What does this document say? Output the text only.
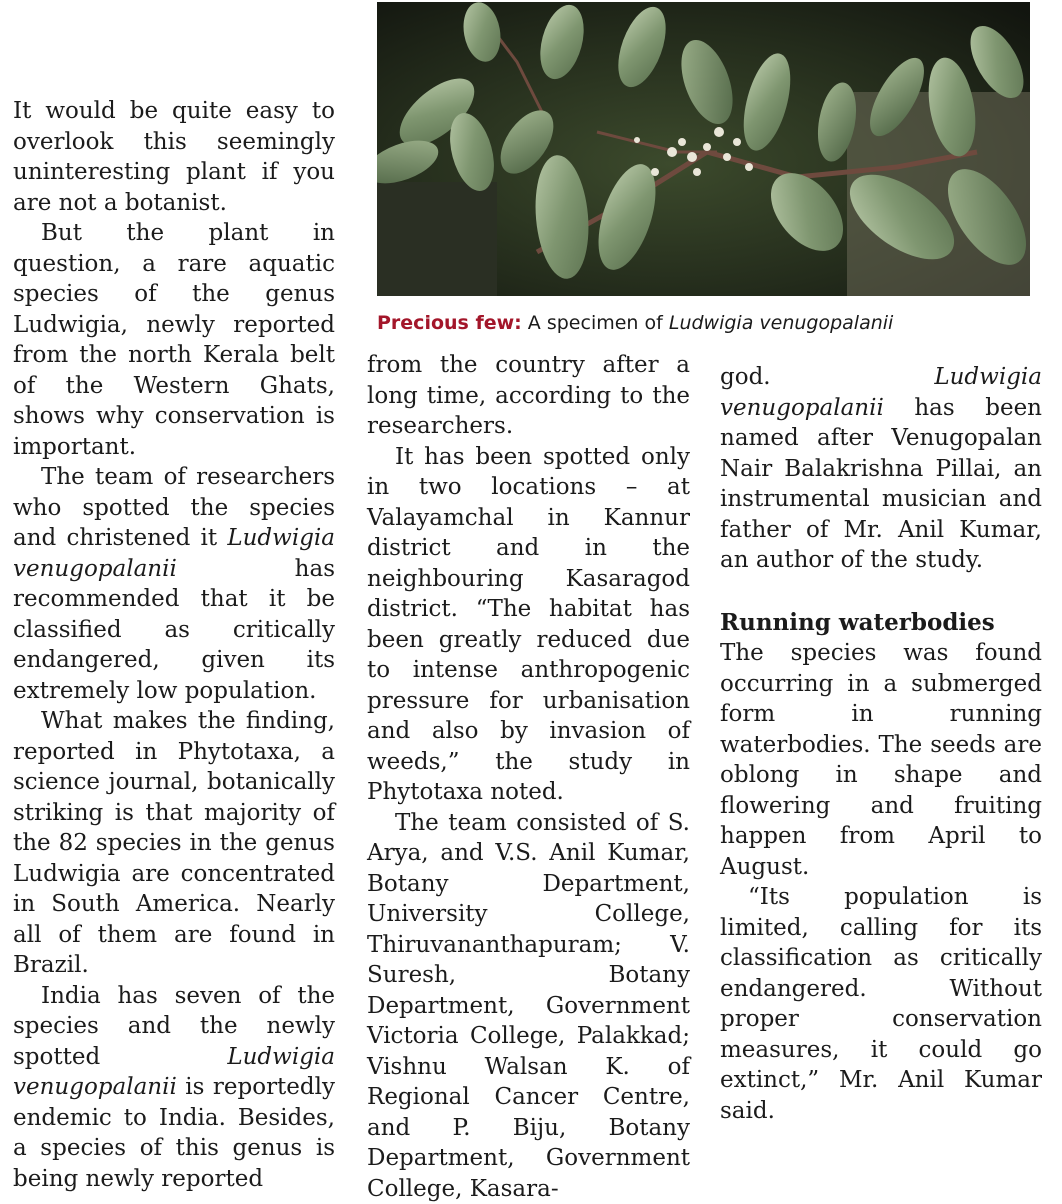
Precious few: A specimen of Ludwigia venugopalanii

It would be quite easy to overlook this seemingly uninteresting plant if you are not a botanist.

But the plant in question, a rare aquatic species of the genus Ludwigia, newly reported from the north Kerala belt of the Western Ghats, shows why conservation is important.

The team of researchers who spotted the species and christened it Ludwigia venugopalanii has recommended that it be classified as critically endangered, given its extremely low population.

What makes the finding, reported in Phytotaxa, a science journal, botanically striking is that majority of the 82 species in the genus Ludwigia are concentrated in South America. Nearly all of them are found in Brazil.

India has seven of the species and the newly spotted Ludwigia venugopalanii is reportedly endemic to India. Besides, a species of this genus is being newly reported

from the country after a long time, according to the researchers.

It has been spotted only in two locations – at Valayamchal in Kannur district and in the neighbouring Kasaragod district. “The habitat has been greatly reduced due to intense anthropogenic pressure for urbanisation and also by invasion of weeds,” the study in Phytotaxa noted.

The team consisted of S. Arya, and V.S. Anil Kumar, Botany Department, University College, Thiruvananthapuram; V. Suresh, Botany Department, Government Victoria College, Palakkad; Vishnu Walsan K. of Regional Cancer Centre, and P. Biju, Botany Department, Government College, Kasara-

god. Ludwigia venugopalanii has been named after Venugopalan Nair Balakrishna Pillai, an instrumental musician and father of Mr. Anil Kumar, an author of the study.

Running waterbodies

The species was found occurring in a submerged form in running waterbodies. The seeds are oblong in shape and flowering and fruiting happen from April to August.

“Its population is limited, calling for its classification as critically endangered. Without proper conservation measures, it could go extinct,” Mr. Anil Kumar said.
